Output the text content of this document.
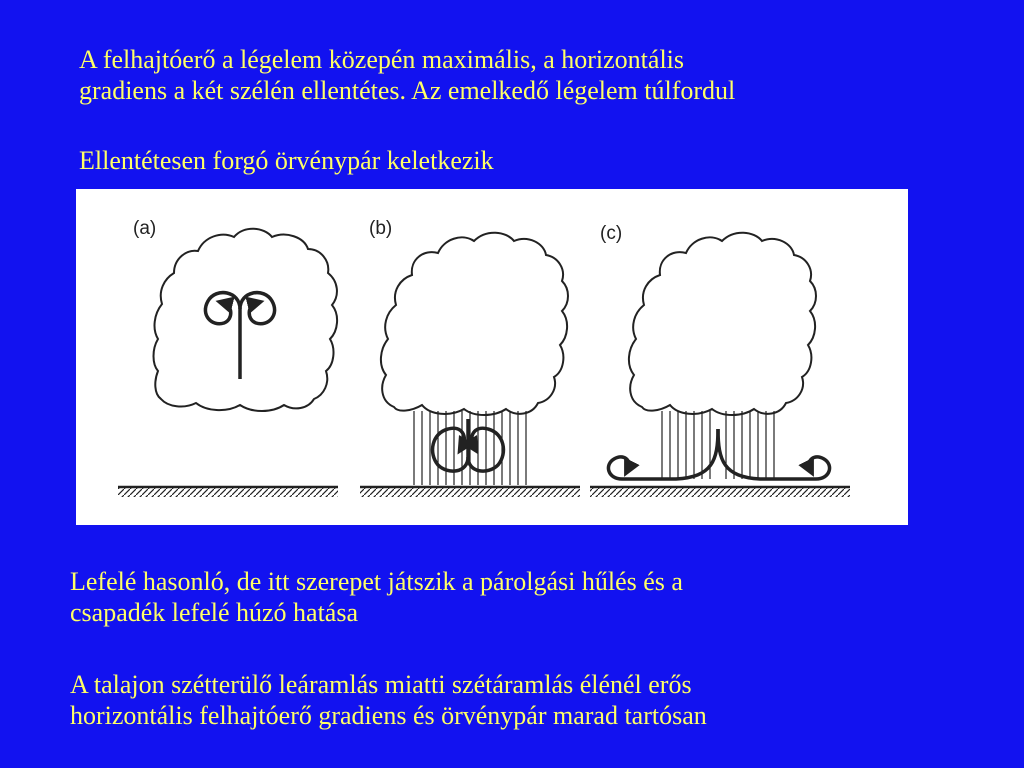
A felhajtóerő a légelem közepén maximális, a horizontális
gradiens a két szélén ellentétes. Az emelkedő légelem túlfordul
Ellentétesen forgó örvénypár keletkezik
(a)	(b)	(c)
Lefelé hasonló, de itt szerepet játszik a párolgási hűlés és a
csapadék lefelé húzó hatása
A talajon szétterülő leáramlás miatti szétáramlás élénél erős
horizontális felhajtóerő gradiens és örvénypár marad tartósan
